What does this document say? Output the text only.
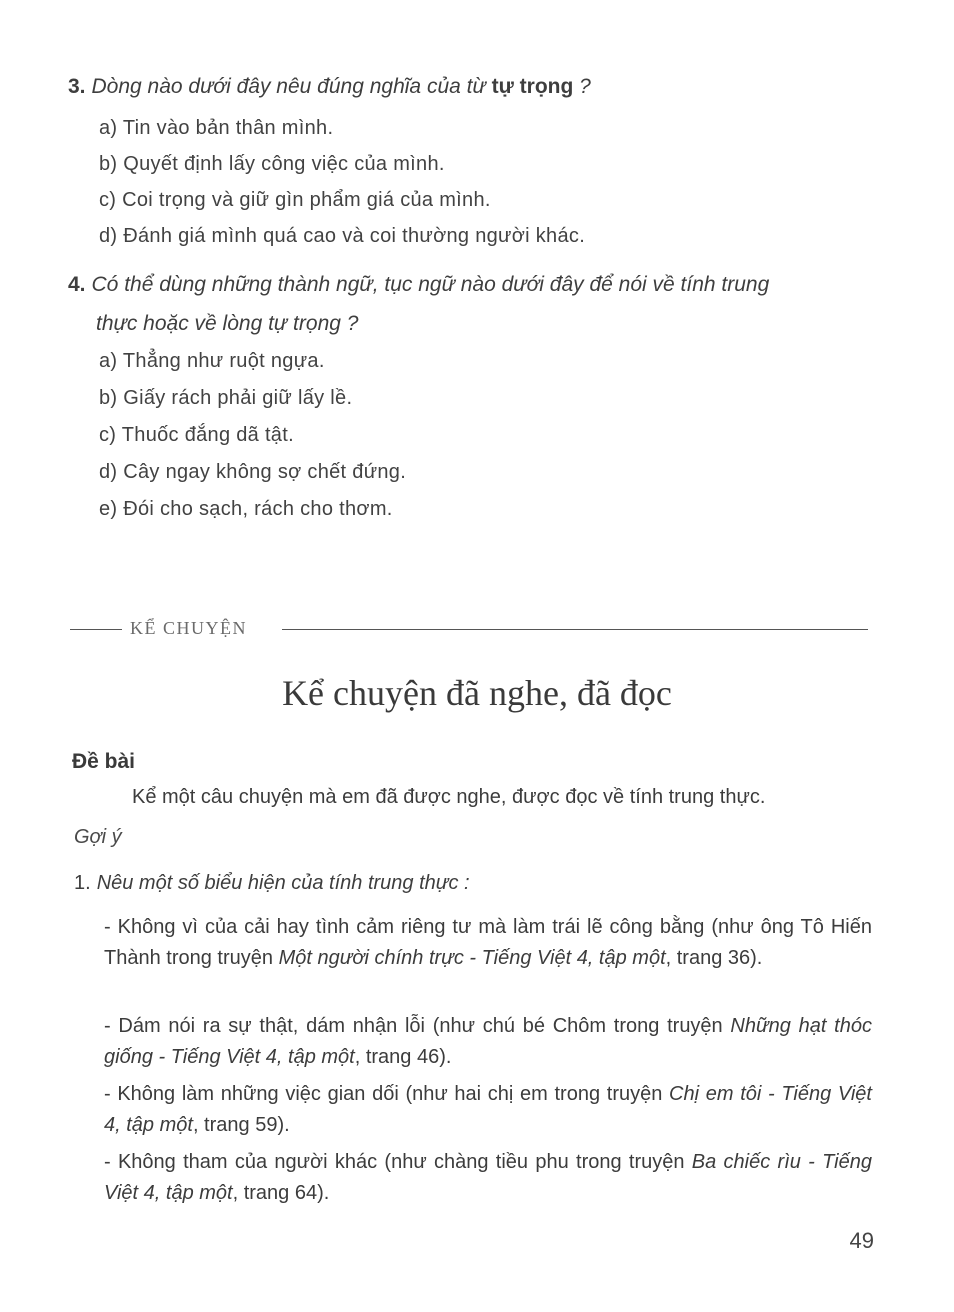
3. Dòng nào dưới đây nêu đúng nghĩa của từ tự trọng ?
a) Tin vào bản thân mình.
b) Quyết định lấy công việc của mình.
c) Coi trọng và giữ gìn phẩm giá của mình.
d) Đánh giá mình quá cao và coi thường người khác.
4. Có thể dùng những thành ngữ, tục ngữ nào dưới đây để nói về tính trung
thực hoặc về lòng tự trọng ?
a) Thẳng như ruột ngựa.
b) Giấy rách phải giữ lấy lề.
c) Thuốc đắng dã tật.
d) Cây ngay không sợ chết đứng.
e) Đói cho sạch, rách cho thơm.
KỂ CHUYỆN
Kể chuyện đã nghe, đã đọc
Đề bài
Kể một câu chuyện mà em đã được nghe, được đọc về tính trung thực.
Gợi ý
1. Nêu một số biểu hiện của tính trung thực :
- Không vì của cải hay tình cảm riêng tư mà làm trái lẽ công bằng (như ông Tô Hiến Thành trong truyện Một người chính trực - Tiếng Việt 4, tập một, trang 36).
- Dám nói ra sự thật, dám nhận lỗi (như chú bé Chôm trong truyện Những hạt thóc giống - Tiếng Việt 4, tập một, trang 46).
- Không làm những việc gian dối (như hai chị em trong truyện Chị em tôi - Tiếng Việt 4, tập một, trang 59).
- Không tham của người khác (như chàng tiều phu trong truyện Ba chiếc rìu - Tiếng Việt 4, tập một, trang 64).
49
